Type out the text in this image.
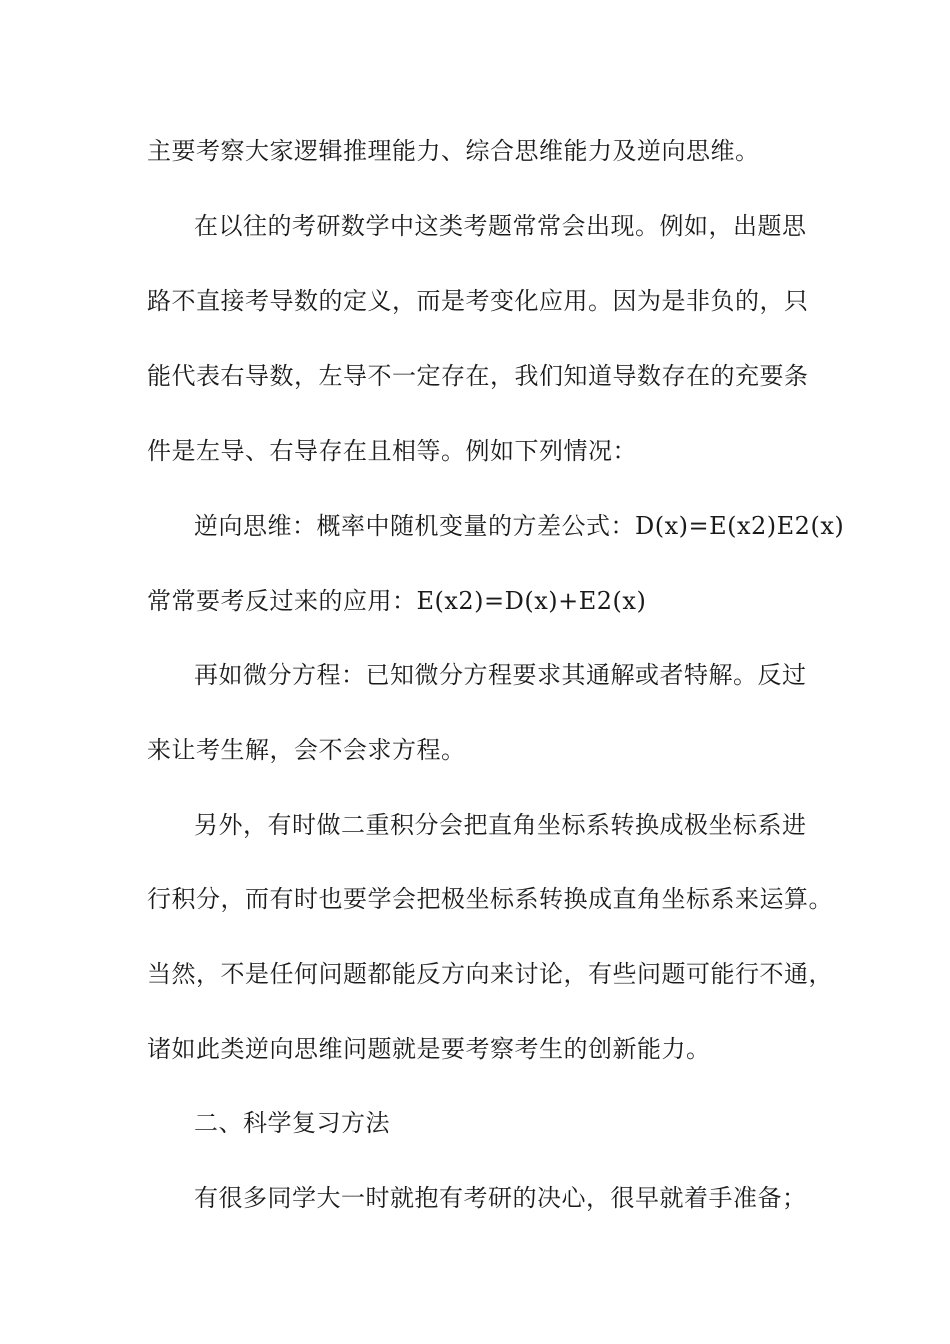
主要考察大家逻辑推理能力、综合思维能力及逆向思维。
在以往的考研数学中这类考题常常会出现。例如，出题思
路不直接考导数的定义，而是考变化应用。因为是非负的，只
能代表右导数，左导不一定存在，我们知道导数存在的充要条
件是左导、右导存在且相等。例如下列情况：
逆向思维：概率中随机变量的方差公式：D(x)=E(x2)E2(x)
常常要考反过来的应用：E(x2)=D(x)+E2(x)
再如微分方程：已知微分方程要求其通解或者特解。反过
来让考生解，会不会求方程。
另外，有时做二重积分会把直角坐标系转换成极坐标系进
行积分，而有时也要学会把极坐标系转换成直角坐标系来运算。
当然，不是任何问题都能反方向来讨论，有些问题可能行不通，
诸如此类逆向思维问题就是要考察考生的创新能力。
二、科学复习方法
有很多同学大一时就抱有考研的决心，很早就着手准备；
